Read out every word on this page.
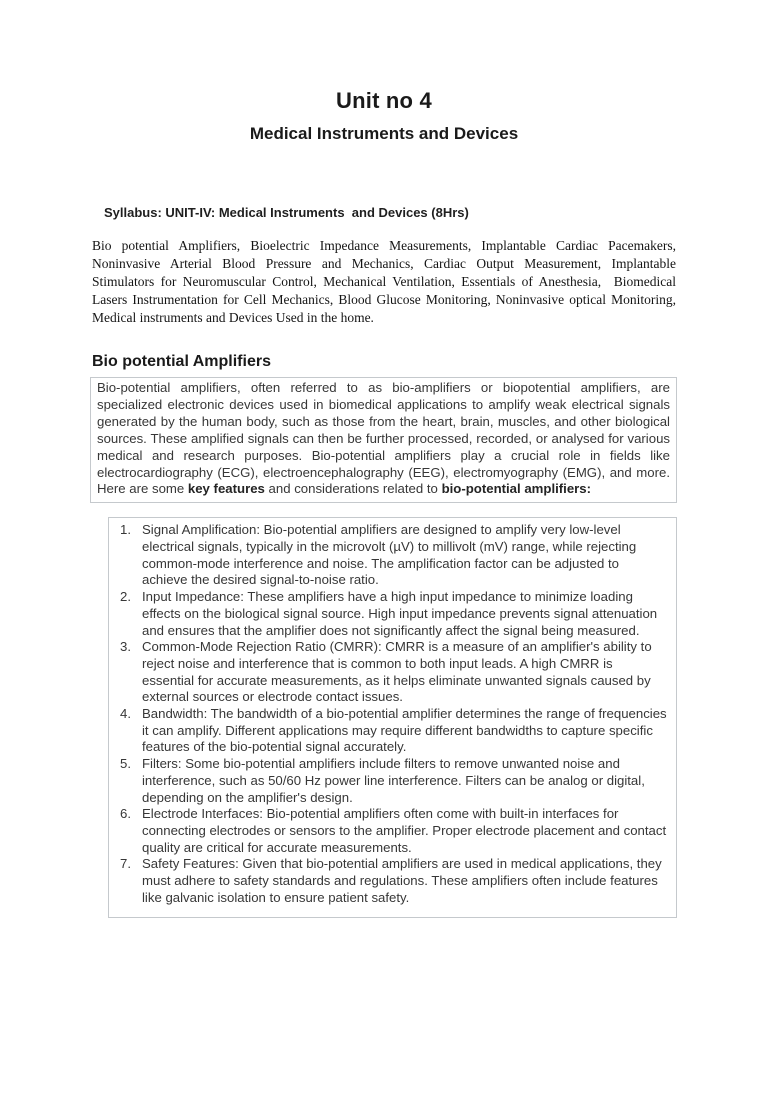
Unit no 4
Medical Instruments and Devices

Syllabus: UNIT-IV: Medical Instruments  and Devices (8Hrs)

Bio potential Amplifiers, Bioelectric Impedance Measurements, Implantable Cardiac Pacemakers, Noninvasive Arterial Blood Pressure and Mechanics, Cardiac Output Measurement, Implantable Stimulators for Neuromuscular Control, Mechanical Ventilation, Essentials of Anesthesia,  Biomedical Lasers Instrumentation for Cell Mechanics, Blood Glucose Monitoring, Noninvasive optical Monitoring, Medical instruments and Devices Used in the home.

Bio potential Amplifiers
Bio-potential amplifiers, often referred to as bio-amplifiers or biopotential amplifiers, are specialized electronic devices used in biomedical applications to amplify weak electrical signals generated by the human body, such as those from the heart, brain, muscles, and other biological sources. These amplified signals can then be further processed, recorded, or analysed for various medical and research purposes. Bio-potential amplifiers play a crucial role in fields like electrocardiography (ECG), electroencephalography (EEG), electromyography (EMG), and more. Here are some key features and considerations related to bio-potential amplifiers:
1. Signal Amplification: Bio-potential amplifiers are designed to amplify very low-level electrical signals, typically in the microvolt (µV) to millivolt (mV) range, while rejecting common-mode interference and noise. The amplification factor can be adjusted to achieve the desired signal-to-noise ratio.
2. Input Impedance: These amplifiers have a high input impedance to minimize loading effects on the biological signal source. High input impedance prevents signal attenuation and ensures that the amplifier does not significantly affect the signal being measured.
3. Common-Mode Rejection Ratio (CMRR): CMRR is a measure of an amplifier's ability to reject noise and interference that is common to both input leads. A high CMRR is essential for accurate measurements, as it helps eliminate unwanted signals caused by external sources or electrode contact issues.
4. Bandwidth: The bandwidth of a bio-potential amplifier determines the range of frequencies it can amplify. Different applications may require different bandwidths to capture specific features of the bio-potential signal accurately.
5. Filters: Some bio-potential amplifiers include filters to remove unwanted noise and interference, such as 50/60 Hz power line interference. Filters can be analog or digital, depending on the amplifier's design.
6. Electrode Interfaces: Bio-potential amplifiers often come with built-in interfaces for connecting electrodes or sensors to the amplifier. Proper electrode placement and contact quality are critical for accurate measurements.
7. Safety Features: Given that bio-potential amplifiers are used in medical applications, they must adhere to safety standards and regulations. These amplifiers often include features like galvanic isolation to ensure patient safety.
